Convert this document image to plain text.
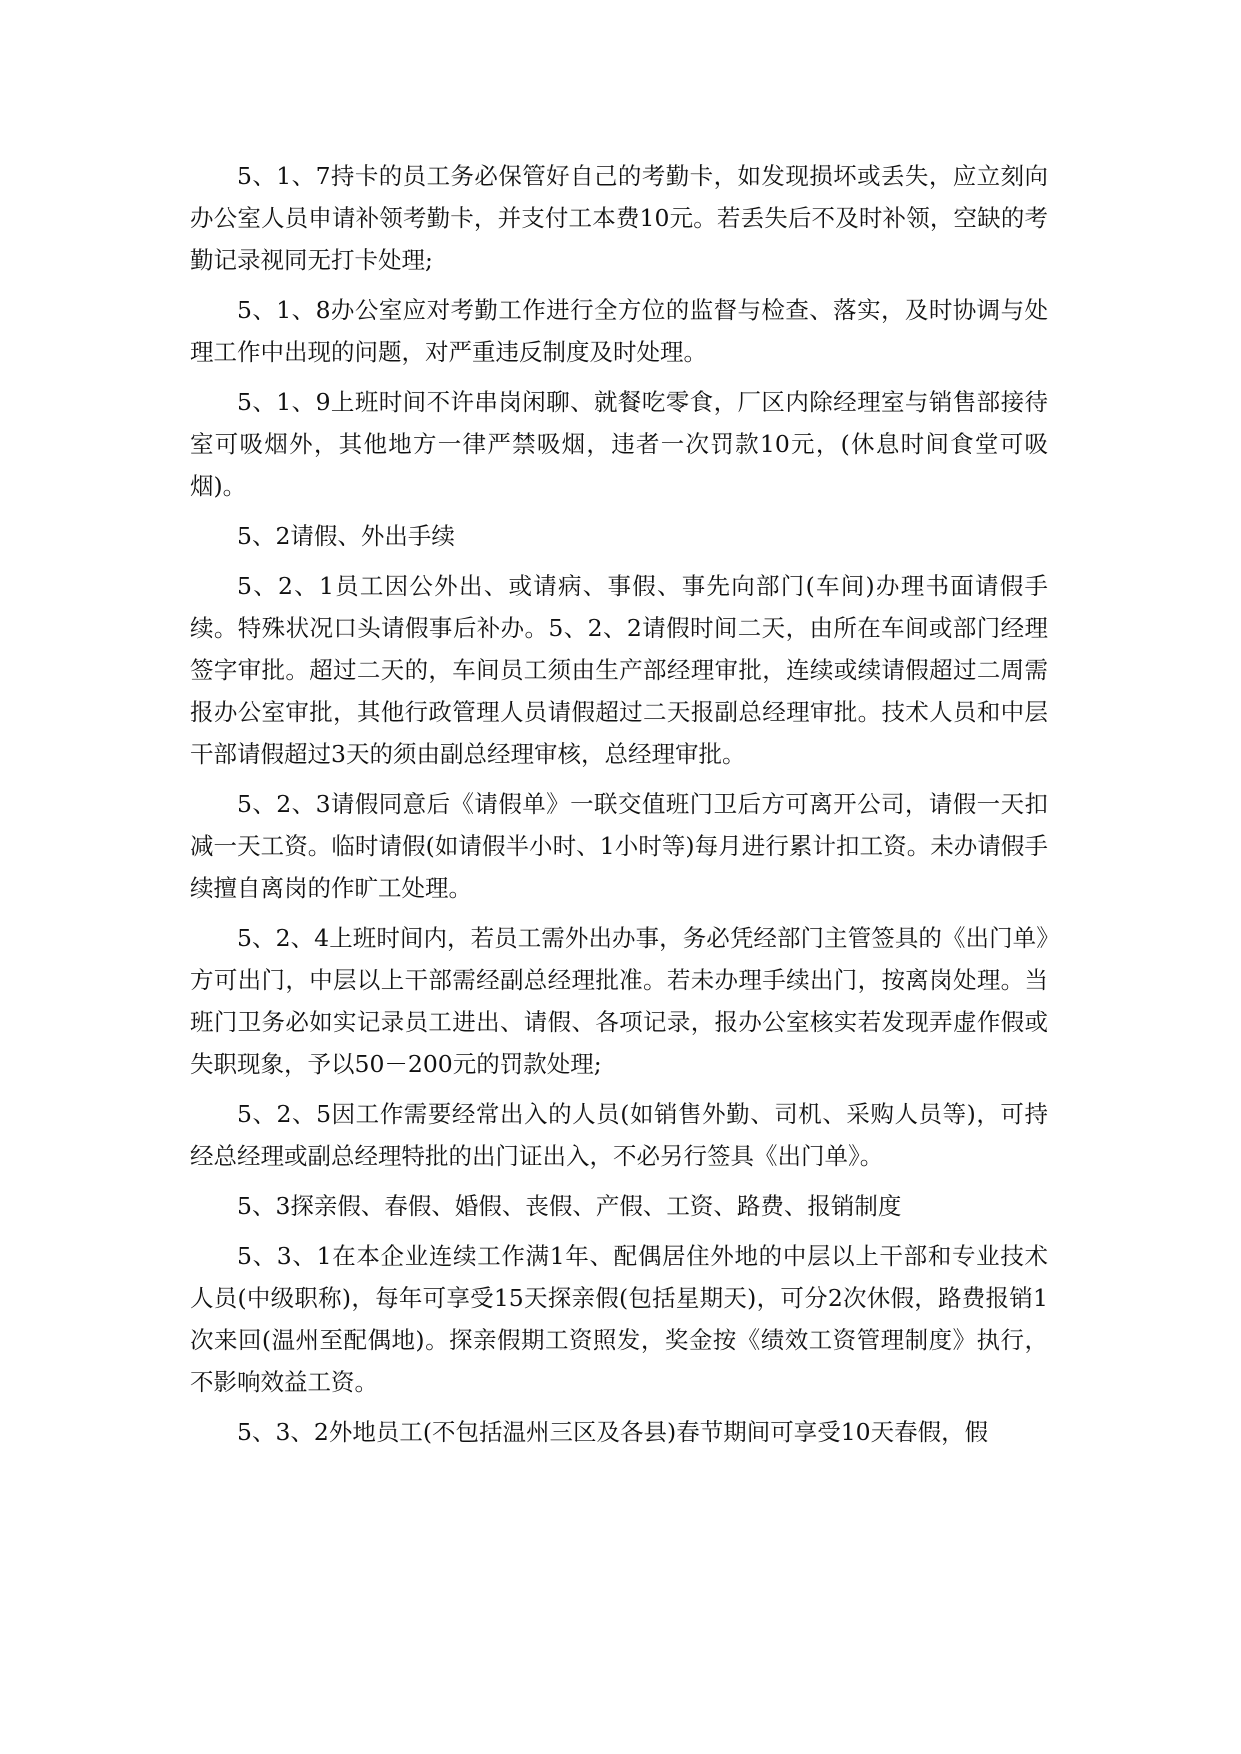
5、1、7持卡的员工务必保管好自己的考勤卡，如发现损坏或丢失，应立刻向办公室人员申请补领考勤卡，并支付工本费10元。若丢失后不及时补领，空缺的考勤记录视同无打卡处理;

5、1、8办公室应对考勤工作进行全方位的监督与检查、落实，及时协调与处理工作中出现的问题，对严重违反制度及时处理。

5、1、9上班时间不许串岗闲聊、就餐吃零食，厂区内除经理室与销售部接待室可吸烟外，其他地方一律严禁吸烟，违者一次罚款10元，(休息时间食堂可吸烟)。

5、2请假、外出手续

5、2、1员工因公外出、或请病、事假、事先向部门(车间)办理书面请假手续。特殊状况口头请假事后补办。5、2、2请假时间二天，由所在车间或部门经理签字审批。超过二天的，车间员工须由生产部经理审批，连续或续请假超过二周需报办公室审批，其他行政管理人员请假超过二天报副总经理审批。技术人员和中层干部请假超过3天的须由副总经理审核，总经理审批。

5、2、3请假同意后《请假单》一联交值班门卫后方可离开公司，请假一天扣减一天工资。临时请假(如请假半小时、1小时等)每月进行累计扣工资。未办请假手续擅自离岗的作旷工处理。

5、2、4上班时间内，若员工需外出办事，务必凭经部门主管签具的《出门单》方可出门，中层以上干部需经副总经理批准。若未办理手续出门，按离岗处理。当班门卫务必如实记录员工进出、请假、各项记录，报办公室核实若发现弄虚作假或失职现象，予以50－200元的罚款处理;

5、2、5因工作需要经常出入的人员(如销售外勤、司机、采购人员等)，可持经总经理或副总经理特批的出门证出入，不必另行签具《出门单》。

5、3探亲假、春假、婚假、丧假、产假、工资、路费、报销制度

5、3、1在本企业连续工作满1年、配偶居住外地的中层以上干部和专业技术人员(中级职称)，每年可享受15天探亲假(包括星期天)，可分2次休假，路费报销1次来回(温州至配偶地)。探亲假期工资照发，奖金按《绩效工资管理制度》执行，不影响效益工资。

5、3、2外地员工(不包括温州三区及各县)春节期间可享受10天春假，假
